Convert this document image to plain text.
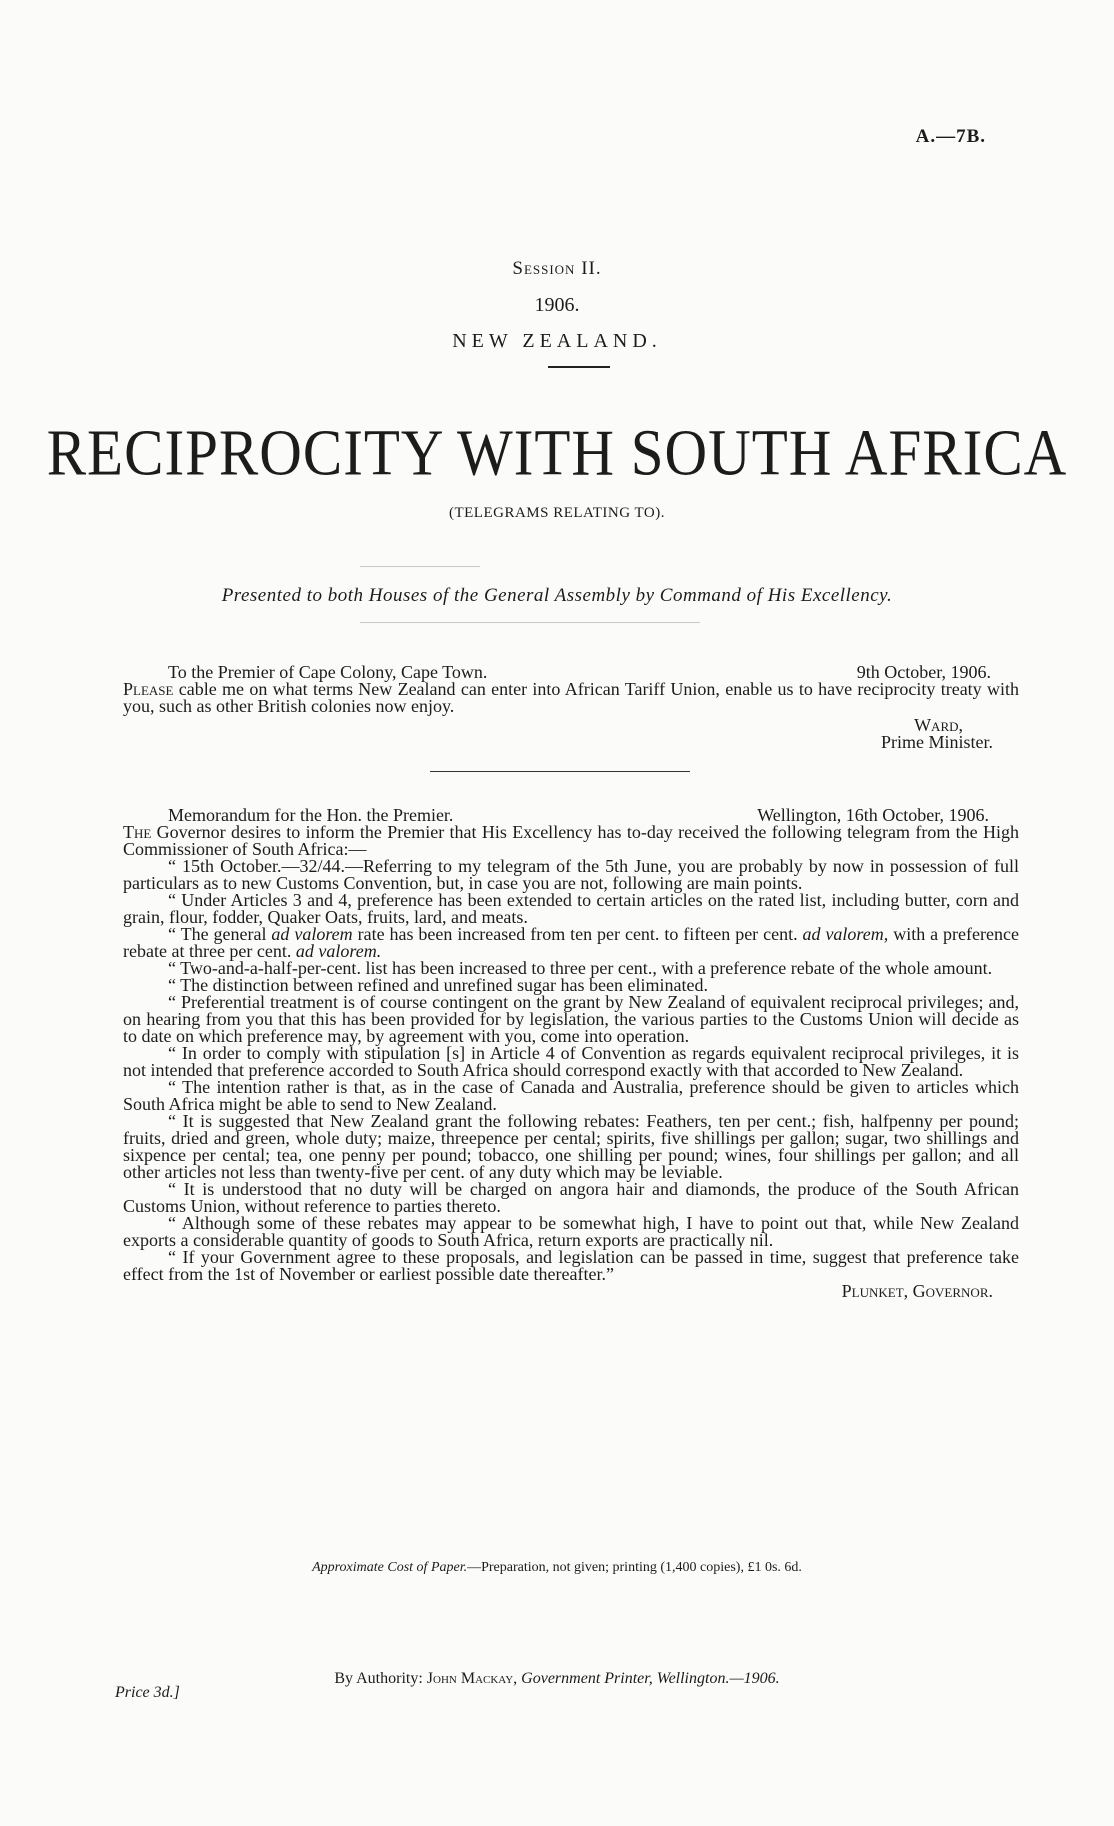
A.—7B.
Session II.
1906.
NEW ZEALAND.
RECIPROCITY WITH SOUTH AFRICA
(TELEGRAMS RELATING TO).
Presented to both Houses of the General Assembly by Command of His Excellency.
To the Premier of Cape Colony, Cape Town.	9th October, 1906.

Please cable me on what terms New Zealand can enter into African Tariff Union, enable us to have reciprocity treaty with you, such as other British colonies now enjoy.

Ward,
Prime Minister.
Memorandum for the Hon. the Premier.	Wellington, 16th October, 1906.

The Governor desires to inform the Premier that His Excellency has to-day received the following telegram from the High Commissioner of South Africa:—

“ 15th October.—32/44.—Referring to my telegram of the 5th June, you are probably by now in possession of full particulars as to new Customs Convention, but, in case you are not, following are main points.

“ Under Articles 3 and 4, preference has been extended to certain articles on the rated list, including butter, corn and grain, flour, fodder, Quaker Oats, fruits, lard, and meats.

“ The general ad valorem rate has been increased from ten per cent. to fifteen per cent. ad valorem, with a preference rebate at three per cent. ad valorem.

“ Two-and-a-half-per-cent. list has been increased to three per cent., with a preference rebate of the whole amount.

“ The distinction between refined and unrefined sugar has been eliminated.

“ Preferential treatment is of course contingent on the grant by New Zealand of equivalent reciprocal privileges; and, on hearing from you that this has been provided for by legislation, the various parties to the Customs Union will decide as to date on which preference may, by agreement with you, come into operation.

“ In order to comply with stipulation [s] in Article 4 of Convention as regards equivalent reciprocal privileges, it is not intended that preference accorded to South Africa should correspond exactly with that accorded to New Zealand.

“ The intention rather is that, as in the case of Canada and Australia, preference should be given to articles which South Africa might be able to send to New Zealand.

“ It is suggested that New Zealand grant the following rebates: Feathers, ten per cent.; fish, halfpenny per pound; fruits, dried and green, whole duty; maize, threepence per cental; spirits, five shillings per gallon; sugar, two shillings and sixpence per cental; tea, one penny per pound; tobacco, one shilling per pound; wines, four shillings per gallon; and all other articles not less than twenty-five per cent. of any duty which may be leviable.

“ It is understood that no duty will be charged on angora hair and diamonds, the produce of the South African Customs Union, without reference to parties thereto.

“ Although some of these rebates may appear to be somewhat high, I have to point out that, while New Zealand exports a considerable quantity of goods to South Africa, return exports are practically nil.

“ If your Government agree to these proposals, and legislation can be passed in time, suggest that preference take effect from the 1st of November or earliest possible date thereafter.”

Plunket, Governor.
Approximate Cost of Paper.—Preparation, not given; printing (1,400 copies), £1 0s. 6d.
By Authority: John Mackay, Government Printer, Wellington.—1906.
Price 3d.]
